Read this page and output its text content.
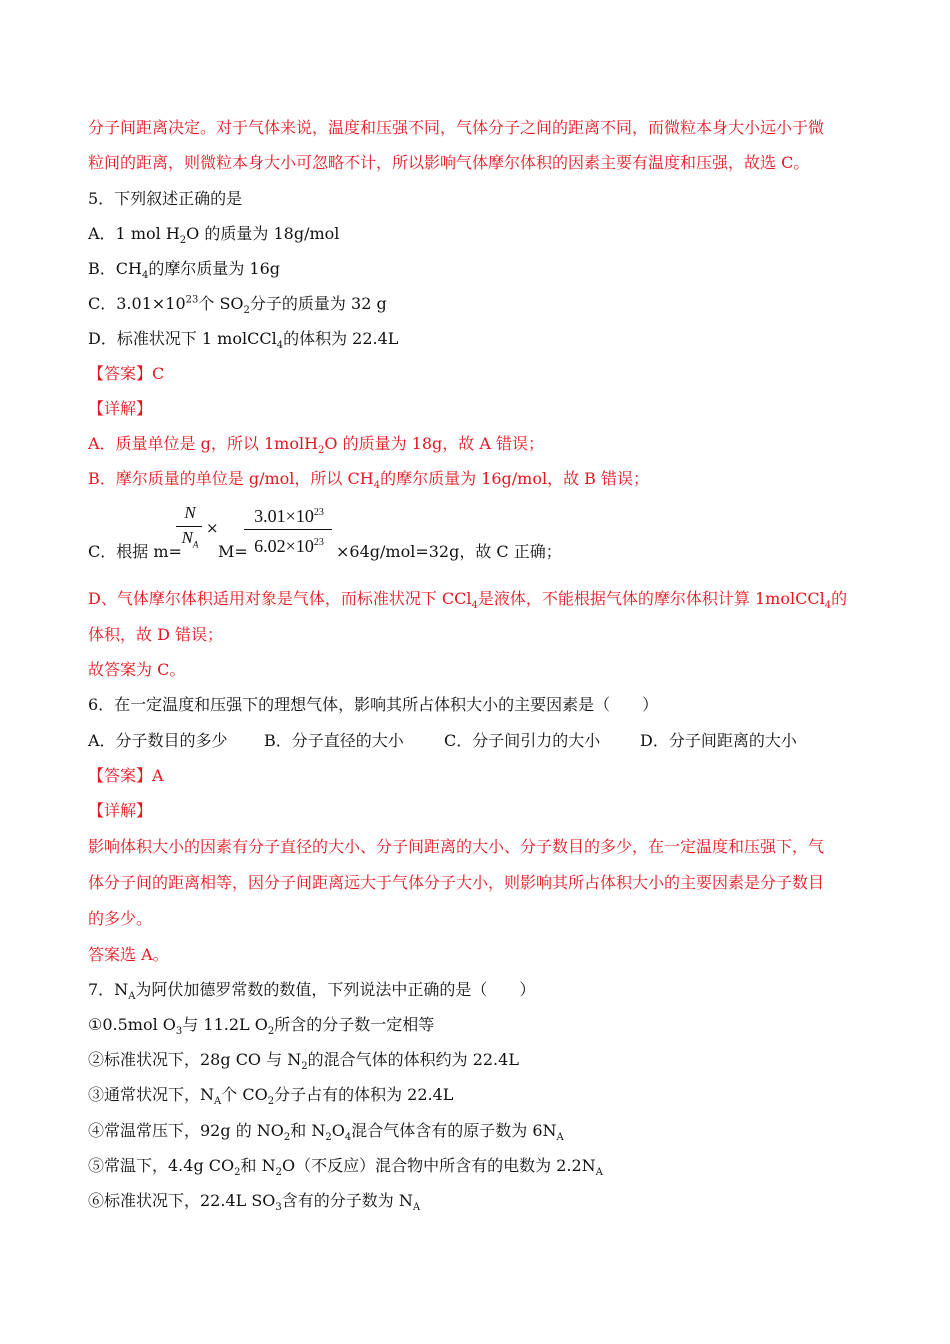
分子间距离决定。对于气体来说，温度和压强不同，气体分子之间的距离不同，而微粒本身大小远小于微
粒间的距离，则微粒本身大小可忽略不计，所以影响气体摩尔体积的因素主要有温度和压强，故选 C。
5．下列叙述正确的是
A．1 mol $H_2O$ 的质量为 18g/mol
B．$CH_4$的摩尔质量为 16g
C．$3.01\times 10^{23}$个 $SO_2$分子的质量为 32 g
D．标准状况下 1 molCCl$_4$的体积为 22.4L
【答案】C
【详解】
A．质量单位是 g，所以 1molH$_2$O 的质量为 18g，故 A 错误；
B．摩尔质量的单位是 g/mol，所以 $CH_4$的摩尔质量为 16g/mol，故 B 错误；
C．根据 m=
N
$N_A$
×
M=
$3.01\times 10^{23}$
$6.02\times 10^{23} \times 64g/mol=32g$，故 C 正确；
D、气体摩尔体积适用对象是气体，而标准状况下 CCl$_4$是液体，不能根据气体的摩尔体积计算 1molCCl$_4$的
体积，故 D 错误；
故答案为 C。
6．在一定温度和压强下的理想气体，影响其所占体积大小的主要因素是（　　）
A．分子数目的多少 B．分子直径的大小	C．分子间引力的大小 D．分子间距离的大小
【答案】A
【详解】
影响体积大小的因素有分子直径的大小、分子间距离的大小、分子数目的多少，在一定温度和压强下，气
体分子间的距离相等，因分子间距离远大于气体分子大小，则影响其所占体积大小的主要因素是分子数目
的多少。
答案选 A。
7．$N_A$为阿伏加德罗常数的数值，下列说法中正确的是（　　）
①0.5mol $O_3$与 11.2L $O_2$所含的分子数一定相等
②标准状况下，28g CO 与 $N_2$的混合气体的体积约为 22.4L
③通常状况下，$N_A$个 $CO_2$分子占有的体积为 22.4L
④常温常压下，92g 的 $NO_2$和 $N_2O_4$混合气体含有的原子数为 $6N_A$
⑤常温下，4.4g $CO_2$和 $N_2O$（不反应）混合物中所含有的电数为 $2.2N_A$
⑥标准状况下，22.4L $SO_3$含有的分子数为 $N_A$
